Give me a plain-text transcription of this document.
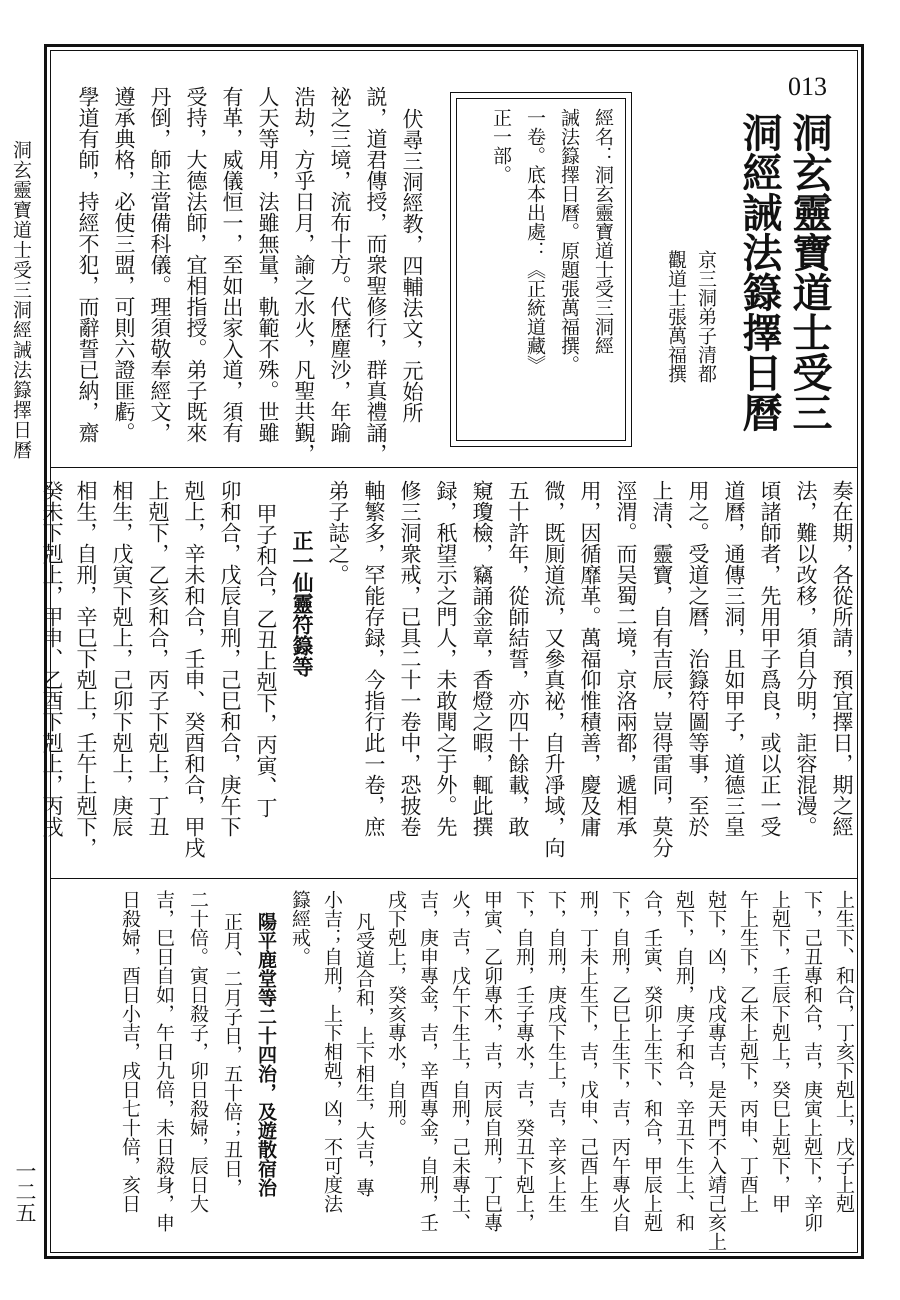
洞玄靈寶道士受三洞經誡法籙擇日曆
一二五
013
洞玄靈寶道士受三
洞經誡法籙擇日曆
京三洞弟子清都
觀道士張萬福撰
經名：洞玄靈寶道士受三洞經
誡法籙擇日曆。原題張萬福撰。
一卷。底本出處：《正統道藏》
正一部。
伏尋三洞經教，四輔法文，元始所
説，道君傳授，而衆聖修行，群真禮誦，
祕之三境，流布十方。代歷塵沙，年踰
浩劫，方乎日月，諭之水火，凡聖共覲，
人天等用，法雖無量，軌範不殊。世雖
有革，威儀恒一，至如出家入道，須有
受持，大德法師，宜相指授。弟子既來
丹倒，師主當備科儀。理須敬奉經文，
遵承典格，必使三盟，可則六證匪虧。
學道有師，持經不犯，而辭誓已納，齋
奏在期，各從所請，預宜擇日，期之經
法，難以改移，須自分明，詎容混漫。
頃諸師者，先用甲子爲良，或以正一受
道曆，通傳三洞，且如甲子，道德三皇
用之。受道之曆，治籙符圖等事，至於
上清、靈寶，自有吉辰，豈得雷同，莫分
涇渭。而吴蜀二境，京洛兩都，遞相承
用，因循靡革。萬福仰惟積善，慶及庸
微，既厠道流，又參真祕，自升凈域，向
五十許年，從師結誓，亦四十餘載，敢
窺瓊檢，竊誦金章，香燈之暇，輒此撰
録，秖望示之門人，未敢聞之于外。先
修三洞衆戒，已具二十一卷中，恐披卷
軸繁多，罕能存録，今指行此一卷，庶
弟子誌之。
正一仙靈符籙等
甲子和合，乙丑上剋下，丙寅、丁
卯和合，戊辰自刑，己巳和合，庚午下
剋上，辛未和合，壬申、癸酉和合，甲戌
上剋下，乙亥和合，丙子下剋上，丁丑
相生，戊寅下剋上，己卯下剋上，庚辰
相生，自刑，辛巳下剋上，壬午上剋下，
上生下、和合，丁亥下剋上，戊子上剋
下，己丑專和合，吉，庚寅上剋下，辛卯
上剋下，壬辰下剋上，癸巳上剋下，甲
午上生下，乙未上剋下，丙申、丁酉上
尅下，凶，戊戌專吉，是天門不入靖己亥上
剋下，自刑，庚子和合，辛丑下生上、和
合，壬寅、癸卯上生下、和合，甲辰上剋
下，自刑，乙巳上生下，吉，丙午專火自
刑，丁未上生下，吉，戊申、己酉上生
下，自刑，庚戌下生上，吉，辛亥上生
下，自刑，壬子專水，吉，癸丑下剋上，
甲寅、乙卯專木，吉，丙辰自刑，丁巳專
火，吉，戊午下生上，自刑，己未專土、
吉，庚申專金，吉，辛酉專金，自刑，壬
戌下剋上，癸亥專水，自刑。
凡受道合和，上下相生，大吉，專
小吉；自刑，上下相剋，凶，不可度法
籙經戒。
陽平鹿堂等二十四治，及遊散宿治
正月、二月子日，五十倍；丑日，
二十倍。寅日殺子，卯日殺婦，辰日大
吉，巳日自如，午日九倍，未日殺身，申
日殺婦，酉日小吉，戌日七十倍，亥日
癸未下剋上，甲申、乙酉下剋上，丙戌
